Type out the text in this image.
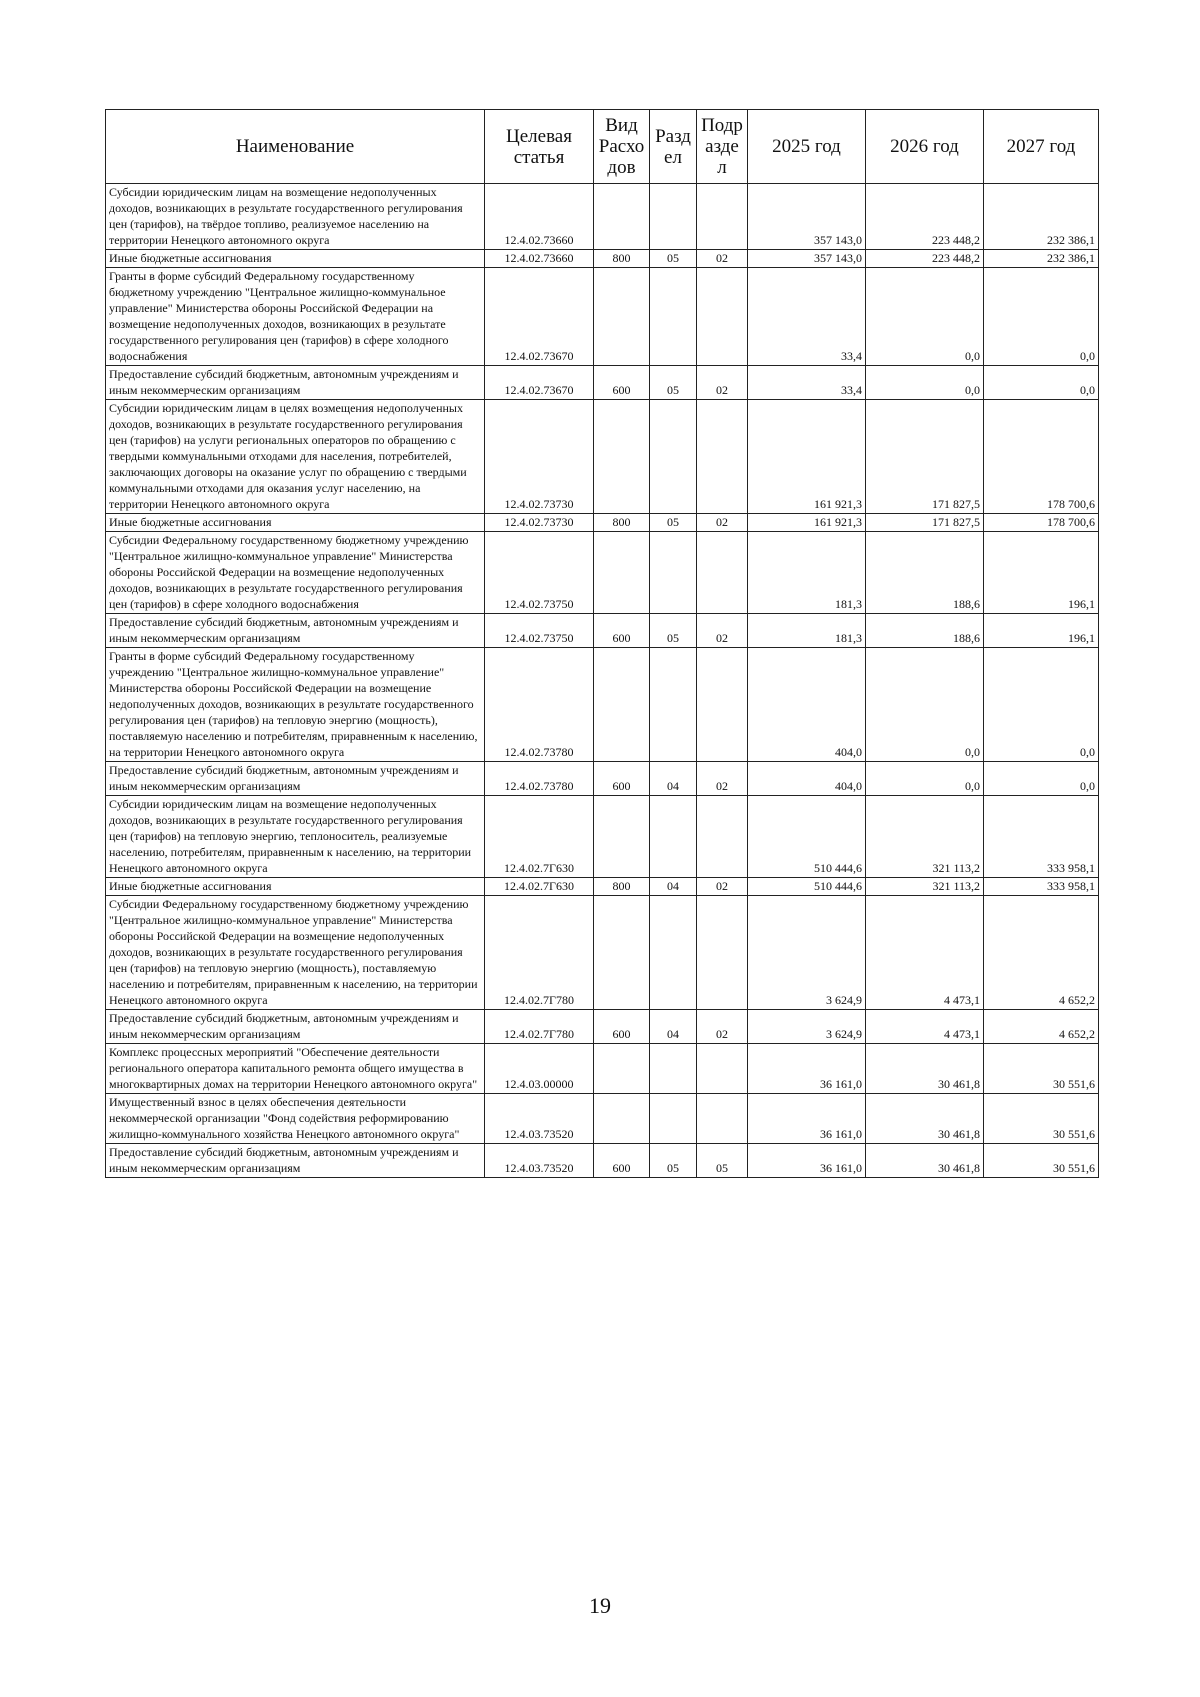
Наименование	Целевая статья	Вид Расхо дов	Разд ел	Подр азде л	2025 год	2026 год	2027 год
Субсидии юридическим лицам на возмещение недополученных доходов, возникающих в результате государственного регулирования цен (тарифов), на твёрдое топливо, реализуемое населению на территории Ненецкого автономного округа	12.4.02.73660				357 143,0	223 448,2	232 386,1
Иные бюджетные ассигнования	12.4.02.73660	800	05	02	357 143,0	223 448,2	232 386,1
Гранты в форме субсидий Федеральному государственному бюджетному учреждению "Центральное жилищно-коммунальное управление" Министерства обороны Российской Федерации на возмещение недополученных доходов, возникающих в результате государственного регулирования цен (тарифов) в сфере холодного водоснабжения	12.4.02.73670				33,4	0,0	0,0
Предоставление субсидий бюджетным, автономным учреждениям и иным некоммерческим организациям	12.4.02.73670	600	05	02	33,4	0,0	0,0
Субсидии юридическим лицам в целях возмещения недополученных доходов, возникающих в результате государственного регулирования цен (тарифов) на услуги региональных операторов по обращению с твердыми коммунальными отходами для населения, потребителей, заключающих договоры на оказание услуг по обращению с твердыми коммунальными отходами для оказания услуг населению, на территории Ненецкого автономного округа	12.4.02.73730				161 921,3	171 827,5	178 700,6
Иные бюджетные ассигнования	12.4.02.73730	800	05	02	161 921,3	171 827,5	178 700,6
Субсидии Федеральному государственному бюджетному учреждению "Центральное жилищно-коммунальное управление" Министерства обороны Российской Федерации на возмещение недополученных доходов, возникающих в результате государственного регулирования цен (тарифов) в сфере холодного водоснабжения	12.4.02.73750				181,3	188,6	196,1
Предоставление субсидий бюджетным, автономным учреждениям и иным некоммерческим организациям	12.4.02.73750	600	05	02	181,3	188,6	196,1
Гранты в форме субсидий Федеральному государственному учреждению "Центральное жилищно-коммунальное управление" Министерства обороны Российской Федерации на возмещение недополученных доходов, возникающих в результате государственного регулирования цен (тарифов) на тепловую энергию (мощность), поставляемую населению и потребителям, приравненным к населению, на территории Ненецкого автономного округа	12.4.02.73780				404,0	0,0	0,0
Предоставление субсидий бюджетным, автономным учреждениям и иным некоммерческим организациям	12.4.02.73780	600	04	02	404,0	0,0	0,0
Субсидии юридическим лицам на возмещение недополученных доходов, возникающих в результате государственного регулирования цен (тарифов) на тепловую энергию, теплоноситель, реализуемые населению, потребителям, приравненным к населению, на территории Ненецкого автономного округа	12.4.02.7Г630				510 444,6	321 113,2	333 958,1
Иные бюджетные ассигнования	12.4.02.7Г630	800	04	02	510 444,6	321 113,2	333 958,1
Субсидии Федеральному государственному бюджетному учреждению "Центральное жилищно-коммунальное управление" Министерства обороны Российской Федерации на возмещение недополученных доходов, возникающих в результате государственного регулирования цен (тарифов) на тепловую энергию (мощность), поставляемую населению и потребителям, приравненным к населению, на территории Ненецкого автономного округа	12.4.02.7Г780				3 624,9	4 473,1	4 652,2
Предоставление субсидий бюджетным, автономным учреждениям и иным некоммерческим организациям	12.4.02.7Г780	600	04	02	3 624,9	4 473,1	4 652,2
Комплекс процессных мероприятий "Обеспечение деятельности регионального оператора капитального ремонта общего имущества в многоквартирных домах на территории Ненецкого автономного округа"	12.4.03.00000				36 161,0	30 461,8	30 551,6
Имущественный взнос в целях обеспечения деятельности некоммерческой организации "Фонд содействия реформированию жилищно-коммунального хозяйства Ненецкого автономного округа"	12.4.03.73520				36 161,0	30 461,8	30 551,6
Предоставление субсидий бюджетным, автономным учреждениям и иным некоммерческим организациям	12.4.03.73520	600	05	05	36 161,0	30 461,8	30 551,6
19
